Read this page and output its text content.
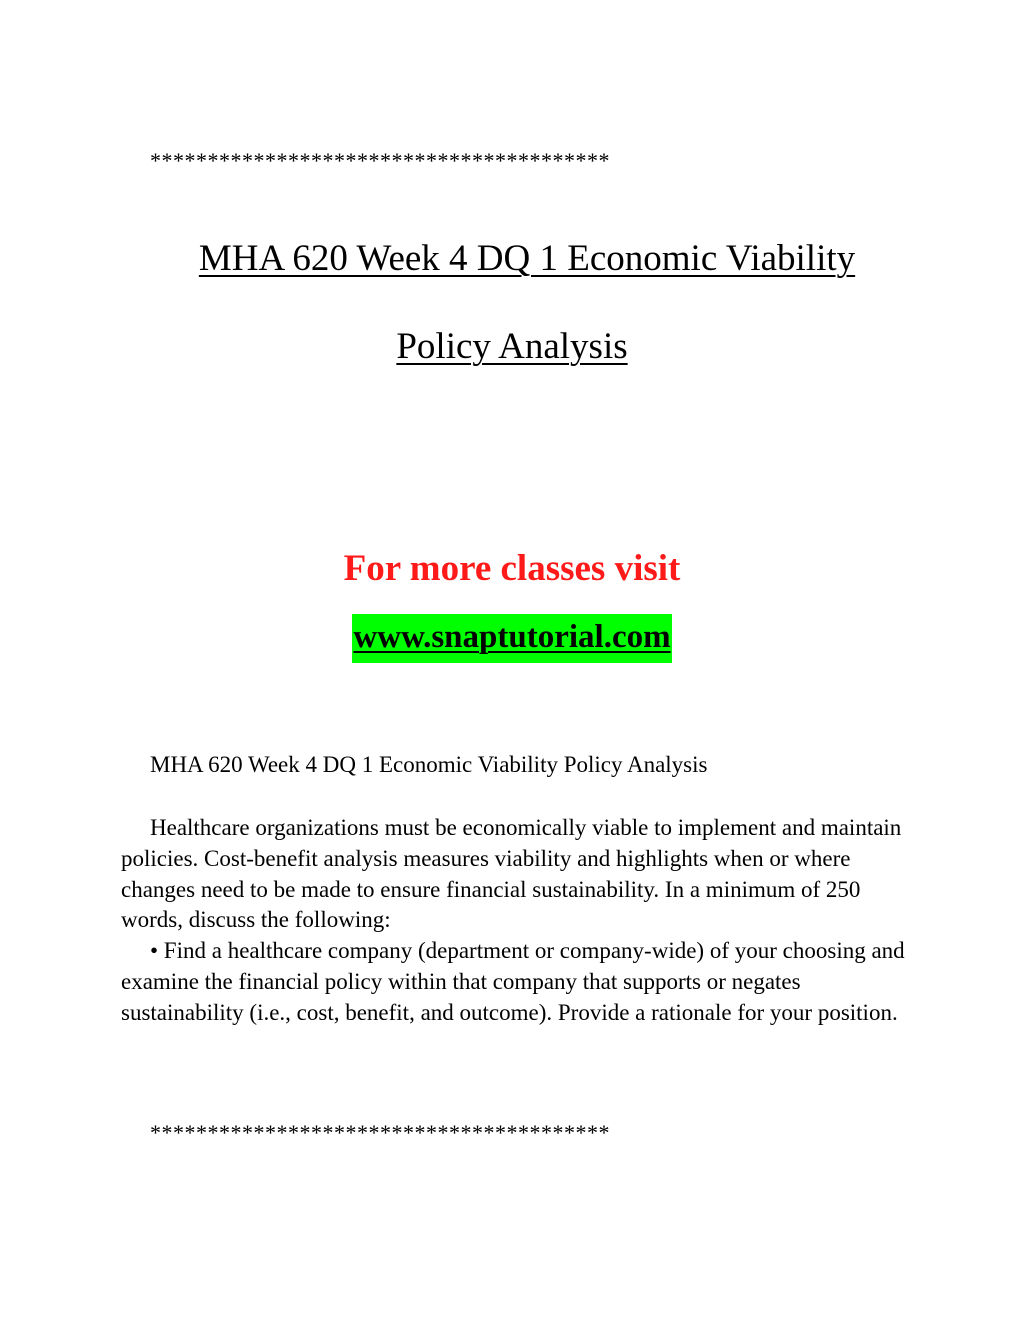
****************************************
MHA 620 Week 4 DQ 1 Economic Viability
Policy Analysis
For more classes visit
www.snaptutorial.com
MHA 620 Week 4 DQ 1 Economic Viability Policy Analysis

Healthcare organizations must be economically viable to implement and maintain policies. Cost-benefit analysis measures viability and highlights when or where changes need to be made to ensure financial sustainability. In a minimum of 250 words, discuss the following:

• Find a healthcare company (department or company-wide) of your choosing and examine the financial policy within that company that supports or negates sustainability (i.e., cost, benefit, and outcome). Provide a rationale for your position.

****************************************
